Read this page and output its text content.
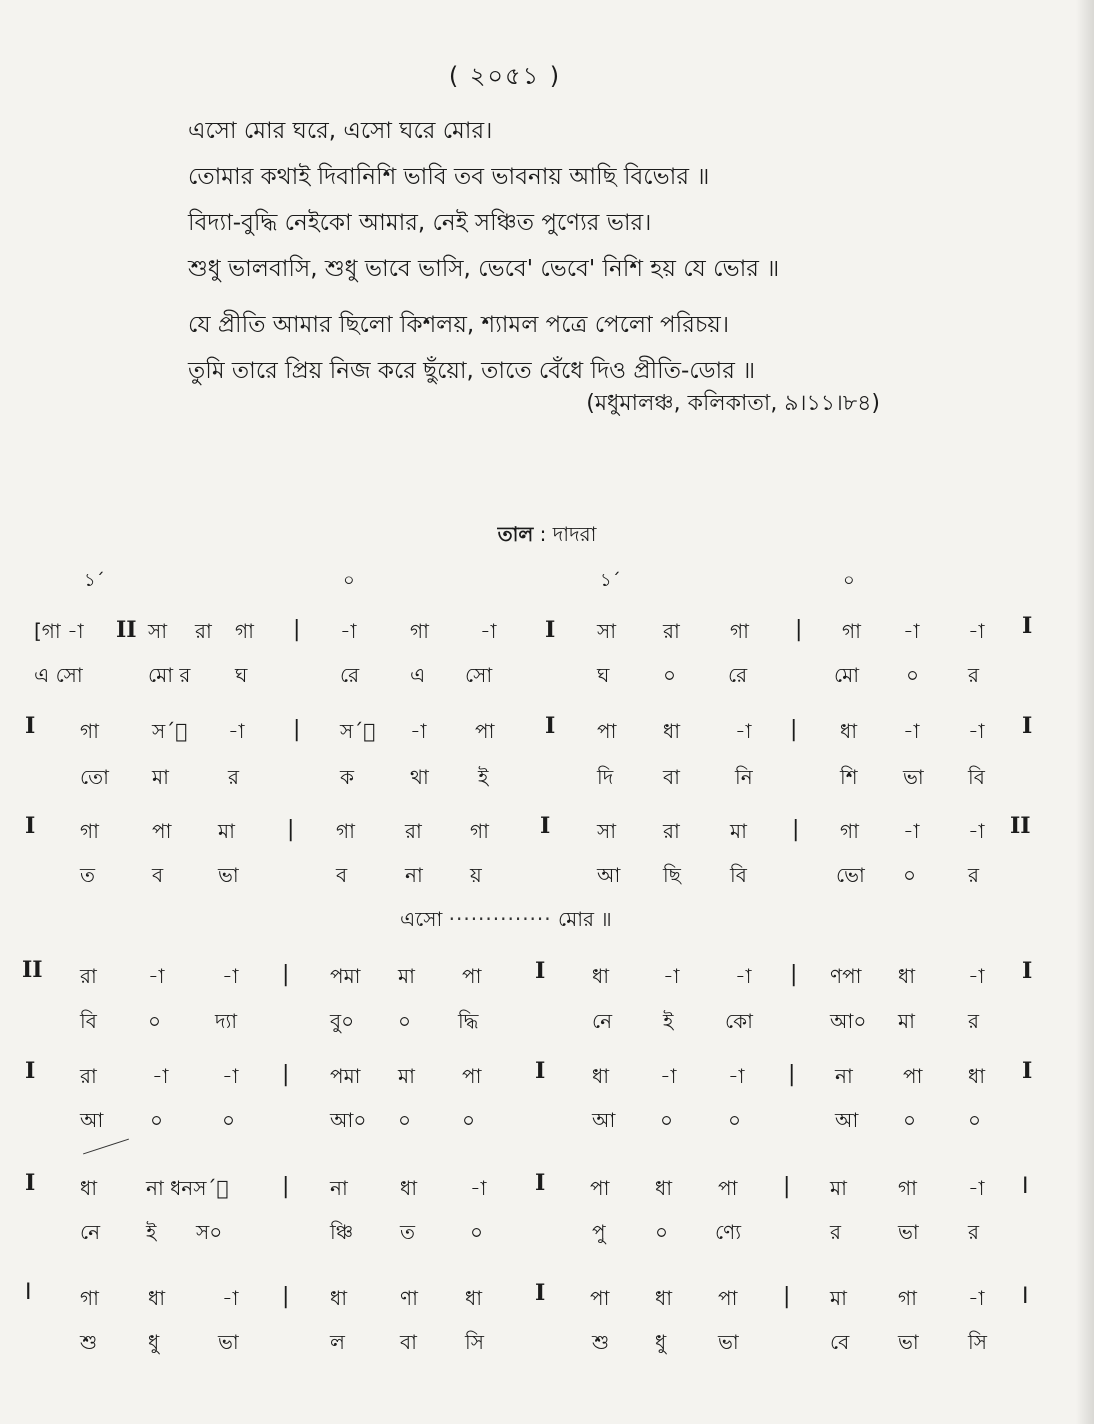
( ২০৫১ )
এসো মোর ঘরে, এসো ঘরে মোর।
তোমার কথাই দিবানিশি ভাবি তব ভাবনায় আছি বিভোর ॥
বিদ্যা-বুদ্ধি নেইকো আমার, নেই সঞ্চিত পুণ্যের ভার।
শুধু ভালবাসি, শুধু ভাবে ভাসি, ভেবে' ভেবে' নিশি হয় যে ভোর ॥
যে প্রীতি আমার ছিলো কিশলয়, শ্যামল পত্রে পেলো পরিচয়।
তুমি তারে প্রিয় নিজ করে ছুঁয়ো, তাতে বেঁধে দিও প্রীতি-ডোর ॥
(মধুমালঞ্চ, কলিকাতা, ৯।১১।৮৪)
তাল : দাদরা
১´	০	১´	০
[গা -া II সা রা গা | -া	গা	-া I সা রা	গা | গা -া -া I
এ সো	মো র ঘ	রে	এ সো	ঘ	০	রে	মো ০ র
I গা	স´া -া | স´া -া পা I পা ধা	-া | ধা -া -া I
তো মা	র	ক	থা ই	দি বা	নি	শি ভা বি
I গা	পা মা | গা	রা গা I সা রা	মা | গা -া -া II
ত	ব	ভা	ব	না য়	আ ছি বি	ভো ০	র
II রা	-া	-া | পমা মা পা I ধা	-া	-া | ণপা ধা	-া I
বি	০	দ্যা	বু০ ০ দ্ধি	নে	ই	কো	আ০ মা	র
I রা	-া	-া | পমা মা পা I ধা	-া	-া | না	পা ধা I
আ ০	০	আ০ ০	০	আ ০	০	আ ০	০
I ধা না ধনস´া | না	ধা	-া I পা ধা পা | মা	গা	-া I
নে ই স০	ঞ্চি ত	০	পু ০ ণ্যে	র	ভা র
I গা ধা	-া | ধা	ণা ধা I পা ধা পা | মা	গা	-া I
শু	ধু	ভা	ল	বা সি	শু ধু	ভা	বে ভা সি
এসো ·············· মোর ॥
